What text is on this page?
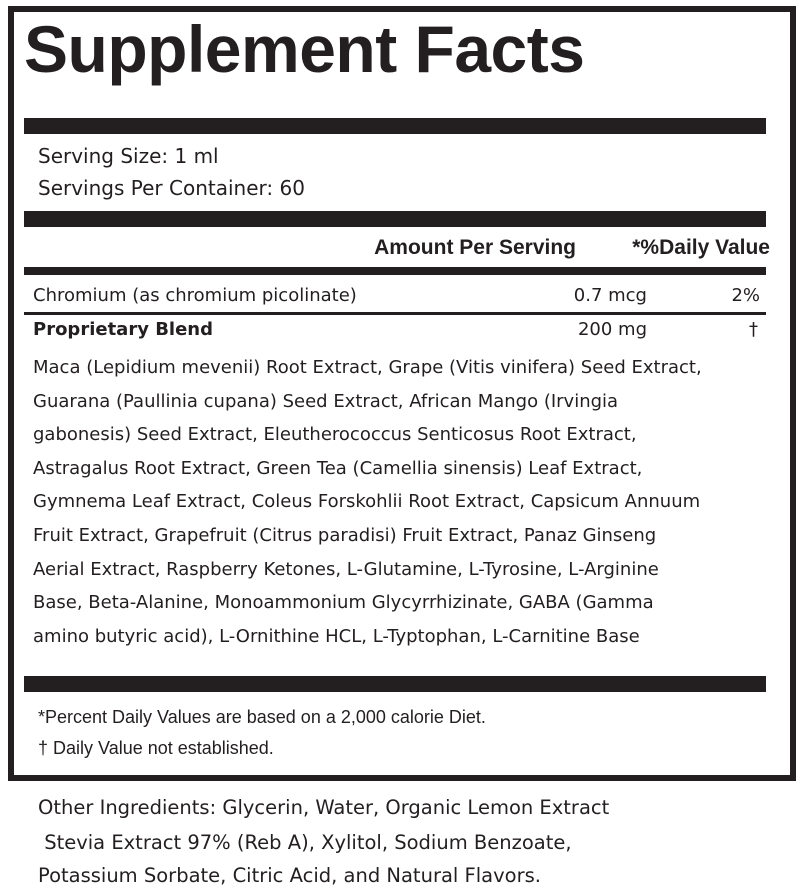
Supplement Facts
Serving Size: 1 ml
Servings Per Container: 60
Amount Per Serving	*%Daily Value
Chromium (as chromium picolinate)	0.7 mcg	2%
Proprietary Blend	200 mg	†
Maca (Lepidium mevenii) Root Extract, Grape (Vitis vinifera) Seed Extract,
Guarana (Paullinia cupana) Seed Extract, African Mango (Irvingia
gabonesis) Seed Extract, Eleutherococcus Senticosus Root Extract,
Astragalus Root Extract, Green Tea (Camellia sinensis) Leaf Extract,
Gymnema Leaf Extract, Coleus Forskohlii Root Extract, Capsicum Annuum
Fruit Extract, Grapefruit (Citrus paradisi) Fruit Extract, Panaz Ginseng
Aerial Extract, Raspberry Ketones, L-Glutamine, L-Tyrosine, L-Arginine
Base, Beta-Alanine, Monoammonium Glycyrrhizinate, GABA (Gamma
amino butyric acid), L-Ornithine HCL, L-Typtophan, L-Carnitine Base
*Percent Daily Values are based on a 2,000 calorie Diet.
† Daily Value not established.
Other Ingredients: Glycerin, Water, Organic Lemon Extract
Stevia Extract 97% (Reb A), Xylitol, Sodium Benzoate,
Potassium Sorbate, Citric Acid, and Natural Flavors.
